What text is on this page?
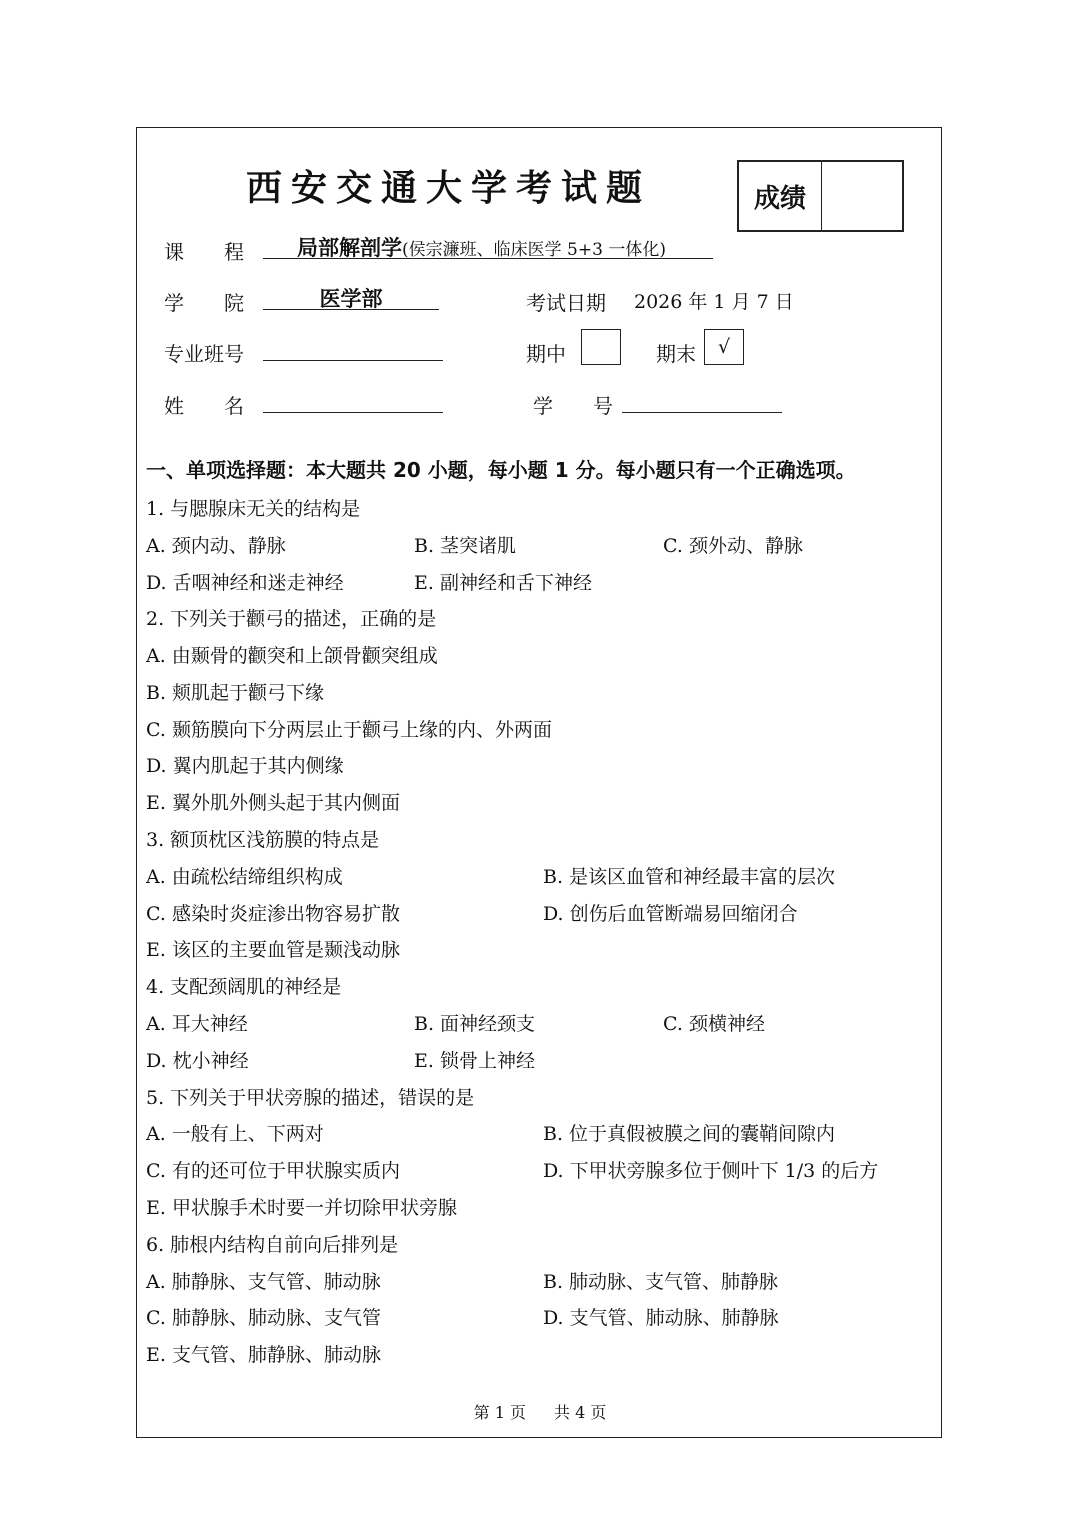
西安交通大学考试题	成绩
课　　程	局部解剖学(侯宗濂班、临床医学 5+3 一体化)
学　　院	医学部	考试日期 2026 年 1 月 7 日
专业班号	期中	期末	√
姓　　名	学　　号
一、单项选择题：本大题共 20 小题，每小题 1 分。每小题只有一个正确选项。
1. 与腮腺床无关的结构是
A. 颈内动、静脉	B. 茎突诸肌	C. 颈外动、静脉
D. 舌咽神经和迷走神经	E. 副神经和舌下神经
2. 下列关于颧弓的描述，正确的是
A. 由颞骨的颧突和上颌骨颧突组成
B. 颊肌起于颧弓下缘
C. 颞筋膜向下分两层止于颧弓上缘的内、外两面
D. 翼内肌起于其内侧缘
E. 翼外肌外侧头起于其内侧面
3. 额顶枕区浅筋膜的特点是
A. 由疏松结缔组织构成	B. 是该区血管和神经最丰富的层次
C. 感染时炎症渗出物容易扩散	D. 创伤后血管断端易回缩闭合
E. 该区的主要血管是颞浅动脉
4. 支配颈阔肌的神经是
A. 耳大神经	B. 面神经颈支	C. 颈横神经
D. 枕小神经	E. 锁骨上神经
5. 下列关于甲状旁腺的描述，错误的是
A. 一般有上、下两对	B. 位于真假被膜之间的囊鞘间隙内
C. 有的还可位于甲状腺实质内	D. 下甲状旁腺多位于侧叶下 1/3 的后方
E. 甲状腺手术时要一并切除甲状旁腺
6. 肺根内结构自前向后排列是
A. 肺静脉、支气管、肺动脉	B. 肺动脉、支气管、肺静脉
C. 肺静脉、肺动脉、支气管	D. 支气管、肺动脉、肺静脉
E. 支气管、肺静脉、肺动脉
第 1 页 共 4 页
